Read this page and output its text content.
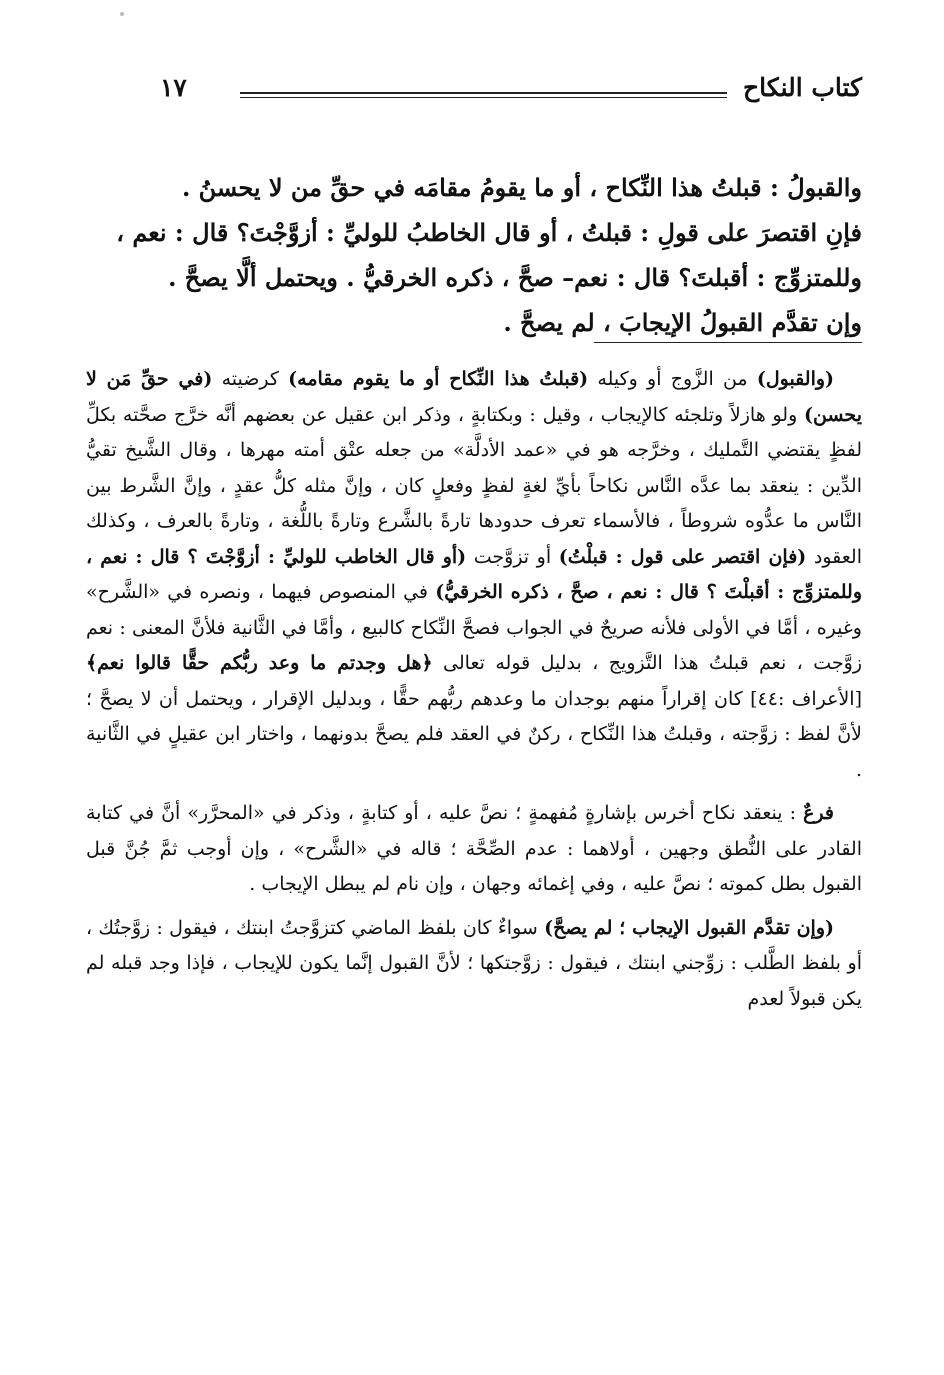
كتاب النكاح
١٧

والقبولُ : قبلتُ هذا النِّكاح ، أو ما يقومُ مقامَه في حقِّ من لا يحسنُ .

فإنِ اقتصرَ على قولِ : قبلتُ ، أو قال الخاطبُ للوليِّ : أزوَّجْتَ؟ قال : نعم ،

وللمتزوِّج : أقبلتَ؟ قال : نعم– صحَّ ، ذكره الخرقيُّ . ويحتمل ألَّا يصحَّ .

وإن تقدَّم القبولُ الإيجابَ ، لم يصحَّ .

(والقبول) من الزَّوج أو وكيله (قبلتُ هذا النِّكاح أو ما يقوم مقامه) كرضيته (في حقِّ مَن لا يحسن) ولو هازلاً وتلجئه كالإيجاب ، وقيل : وبكتابةٍ ، وذكر ابن عقيل عن بعضهم أنَّه خرَّج صحَّته بكلِّ لفظٍ يقتضي التَّمليك ، وخرَّجه هو في «عمد الأدلَّة» من جعله عتْق أمته مهرها ، وقال الشَّيخ تقيُّ الدِّين : ينعقد بما عدَّه النَّاس نكاحاً بأيِّ لغةٍ لفظٍ وفعلٍ كان ، وإنَّ مثله كلُّ عقدٍ ، وإنَّ الشَّرط بين النَّاس ما عدُّوه شروطاً ، فالأسماء تعرف حدودها تارةً بالشَّرع وتارةً باللُّغة ، وتارةً بالعرف ، وكذلك العقود (فإن اقتصر على قول : قبلْتُ) أو تزوَّجت (أو قال الخاطب للوليِّ : أزوَّجْتَ ؟ قال : نعم ، وللمتزوِّج : أقبلْتَ ؟ قال : نعم ، صحَّ ، ذكره الخرقيُّ) في المنصوص فيهما ، ونصره في «الشَّرح» وغيره ، أمَّا في الأولى فلأنه صريحٌ في الجواب فصحَّ النِّكاح كالبيع ، وأمَّا في الثَّانية فلأنَّ المعنى : نعم زوَّجت ، نعم قبلتُ هذا التَّزويج ، بدليل قوله تعالى ﴿هل وجدتم ما وعد ربُّكم حقًّا قالوا نعم﴾ [الأعراف :٤٤] كان إقراراً منهم بوجدان ما وعدهم ربُّهم حقًّا ، وبدليل الإقرار ، ويحتمل أن لا يصحَّ ؛ لأنَّ لفظ : زوَّجته ، وقبلتُ هذا النِّكاح ، ركنٌ في العقد فلم يصحَّ بدونهما ، واختار ابن عقيلٍ في الثَّانية .

فرعٌ : ينعقد نكاح أخرس بإشارةٍ مُفهمةٍ ؛ نصَّ عليه ، أو كتابةٍ ، وذكر في «المحرَّر» أنَّ في كتابة القادر على النُّطق وجهين ، أولاهما : عدم الصِّحَّة ؛ قاله في «الشَّرح» ، وإن أوجب ثمَّ جُنَّ قبل القبول بطل كموته ؛ نصَّ عليه ، وفي إغمائه وجهان ، وإن نام لم يبطل الإيجاب .

(وإن تقدَّم القبول الإيجاب ؛ لم يصحَّ) سواءٌ كان بلفظ الماضي كتزوَّجتُ ابنتك ، فيقول : زوَّجتُك ، أو بلفظ الطَّلب : زوِّجني ابنتك ، فيقول : زوَّجتكها ؛ لأنَّ القبول إنَّما يكون للإيجاب ، فإذا وجد قبله لم يكن قبولاً لعدم
